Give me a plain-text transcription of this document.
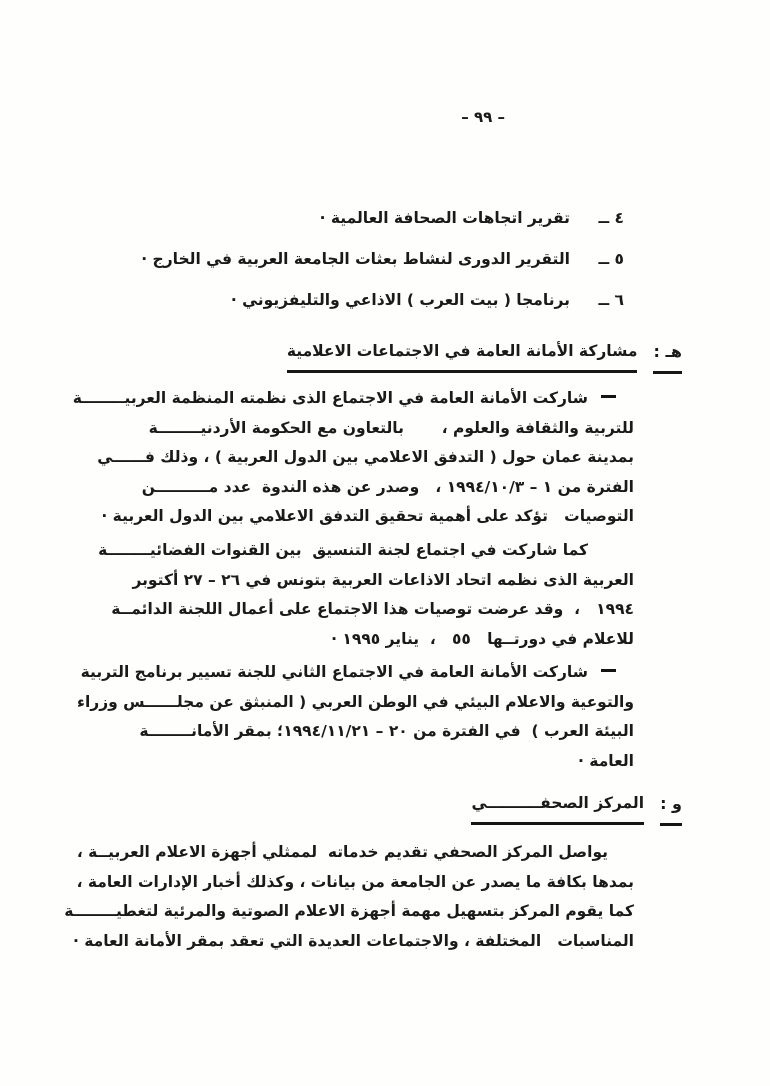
– ٩٩ –
٤ ــ
تقرير اتجاهات الصحافة العالمية ·
٥ ــ
التقرير الدورى لنشاط بعثات الجامعة العربية في الخارج ·
٦ ــ
برنامجا ( بيت العرب ) الاذاعي والتليفزيوني ·
هـ :
مشاركة الأمانة العامة في الاجتماعات الاعلامية
شاركت الأمانة العامة في الاجتماع الذى نظمته المنظمة العربيــــــــة
للتربية والثقافة والعلوم ،       بالتعاون مع الحكومة الأردنيــــــــة
بمدينة عمان حول ( التدفق الاعلامي بين الدول العربية ) ، وذلك فــــــي
الفترة من ١ – ١٩٩٤/١٠/٣ ،   وصدر عن هذه الندوة  عدد مــــــــــن
التوصيات   تؤكد على أهمية تحقيق التدفق الاعلامي بين الدول العربية ·
كما شاركت في اجتماع لجنة التنسيق  بين القنوات الفضائيــــــــة
العربية الذى نظمه اتحاد الاذاعات العربية بتونس في ٢٦ – ٢٧ أكتوبر
١٩٩٤   ،  وقد عرضت توصيات هذا الاجتماع على أعمال اللجنة الدائمــة
للاعلام في دورتــها   ٥٥   ،  يناير ١٩٩٥ ·
شاركت الأمانة العامة في الاجتماع الثاني للجنة تسيير برنامج التربية
والتوعية والاعلام البيئي في الوطن العربي ( المنبثق عن مجلــــــس وزراء
البيئة العرب )  في الفترة من ٢٠ – ١٩٩٤/١١/٢١؛ بمقر الأمانــــــــة
العامة ·
و :
المركز الصحفــــــــــي
يواصل المركز الصحفي تقديم خدماته  لممثلي أجهزة الاعلام العربيــة ،
بمدها بكافة ما يصدر عن الجامعة من بيانات ، وكذلك أخبار الإدارات العامة ،
كما يقوم المركز بتسهيل مهمة أجهزة الاعلام الصوتية والمرئية لتغطيــــــــة
المناسبات   المختلفة ، والاجتماعات العديدة التي تعقد بمقر الأمانة العامة ·
